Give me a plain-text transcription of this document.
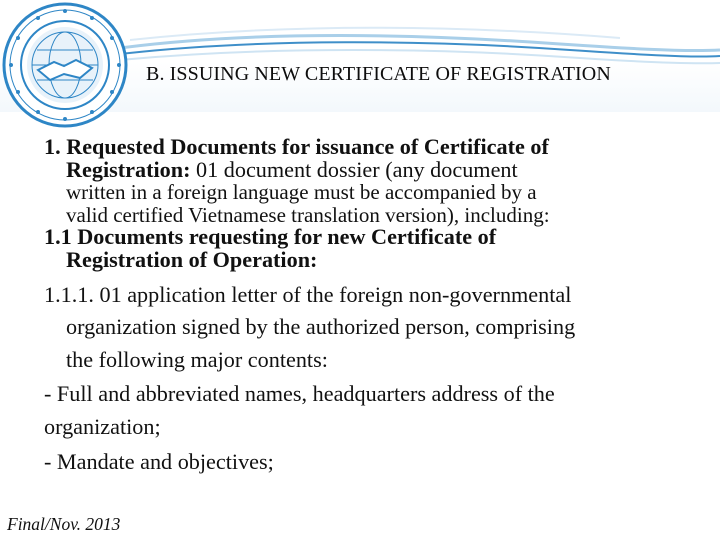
B. ISSUING NEW CERTIFICATE OF REGISTRATION
1. Requested Documents for issuance of Certificate of
Registration: 01 document dossier (any document
written in a foreign language must be accompanied by a
valid certified Vietnamese translation version), including:
1.1 Documents requesting for new Certificate of
Registration of Operation:
1.1.1. 01 application letter of the foreign non-governmental
organization signed by the authorized person, comprising
the following major contents:
- Full and abbreviated names, headquarters address of the
organization;
- Mandate and objectives;
Final/Nov. 2013
